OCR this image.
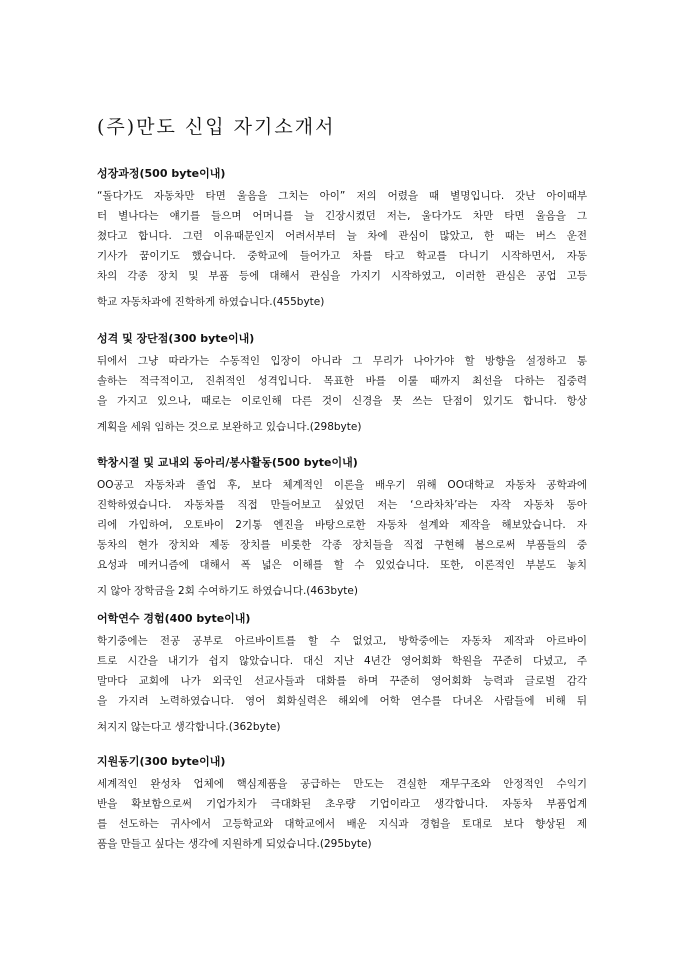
(주)만도 신입 자기소개서
성장과정(500 byte이내)
“돌다가도 자동차만 타면 울음을 그치는 아이” 저의 어렸을 때 별명입니다. 갓난 아이때부
터 별나다는 얘기를 들으며 어머니를 늘 긴장시켰던 저는, 울다가도 차만 타면 울음을 그
쳤다고 합니다. 그런 이유때문인지 어려서부터 늘 차에 관심이 많았고, 한 때는 버스 운전
기사가 꿈이기도 했습니다. 중학교에 들어가고 차를 타고 학교를 다니기 시작하면서, 자동
차의 각종 장치 및 부품 등에 대해서 관심을 가지기 시작하였고, 이러한 관심은 공업 고등
학교 자동차과에 진학하게 하였습니다.(455byte)
성격 및 장단점(300 byte이내)
뒤에서 그냥 따라가는 수동적인 입장이 아니라 그 무리가 나아가야 할 방향을 설정하고 통
솔하는 적극적이고, 진취적인 성격입니다. 목표한 바를 이룰 때까지 최선을 다하는 집중력
을 가지고 있으나, 때로는 이로인해 다른 것이 신경을 못 쓰는 단점이 있기도 합니다. 항상
계획을 세워 임하는 것으로 보완하고 있습니다.(298byte)
학창시절 및 교내외 동아리/봉사활동(500 byte이내)
OO공고 자동차과 졸업 후, 보다 체계적인 이론을 배우기 위해 OO대학교 자동차 공학과에
진학하였습니다. 자동차를 직접 만들어보고 싶었던 저는 ‘으라차차’라는 자작 자동차 동아
리에 가입하여, 오토바이 2기통 엔진을 바탕으로한 자동차 설계와 제작을 해보았습니다. 자
동차의 현가 장치와 제동 장치를 비롯한 각종 장치들을 직접 구현해 봄으로써 부품들의 중
요성과 메커니즘에 대해서 폭 넓은 이해를 할 수 있었습니다. 또한, 이론적인 부분도 놓치
지 않아 장학금을 2회 수여하기도 하였습니다.(463byte)
어학연수 경험(400 byte이내)
학기중에는 전공 공부로 아르바이트를 할 수 없었고, 방학중에는 자동차 제작과 아르바이
트로 시간을 내기가 쉽지 않았습니다. 대신 지난 4년간 영어회화 학원을 꾸준히 다녔고, 주
말마다 교회에 나가 외국인 선교사들과 대화를 하며 꾸준히 영어회화 능력과 글로벌 감각
을 가지려 노력하였습니다. 영어 회화실력은 해외에 어학 연수를 다녀온 사람들에 비해 뒤
쳐지지 않는다고 생각합니다.(362byte)
지원동기(300 byte이내)
세계적인 완성차 업체에 핵심제품을 공급하는 만도는 견실한 재무구조와 안정적인 수익기
반을 확보함으로써 기업가치가 극대화된 초우량 기업이라고 생각합니다. 자동차 부품업계
를 선도하는 귀사에서 고등학교와 대학교에서 배운 지식과 경험을 토대로 보다 향상된 제
품을 만들고 싶다는 생각에 지원하게 되었습니다.(295byte)
